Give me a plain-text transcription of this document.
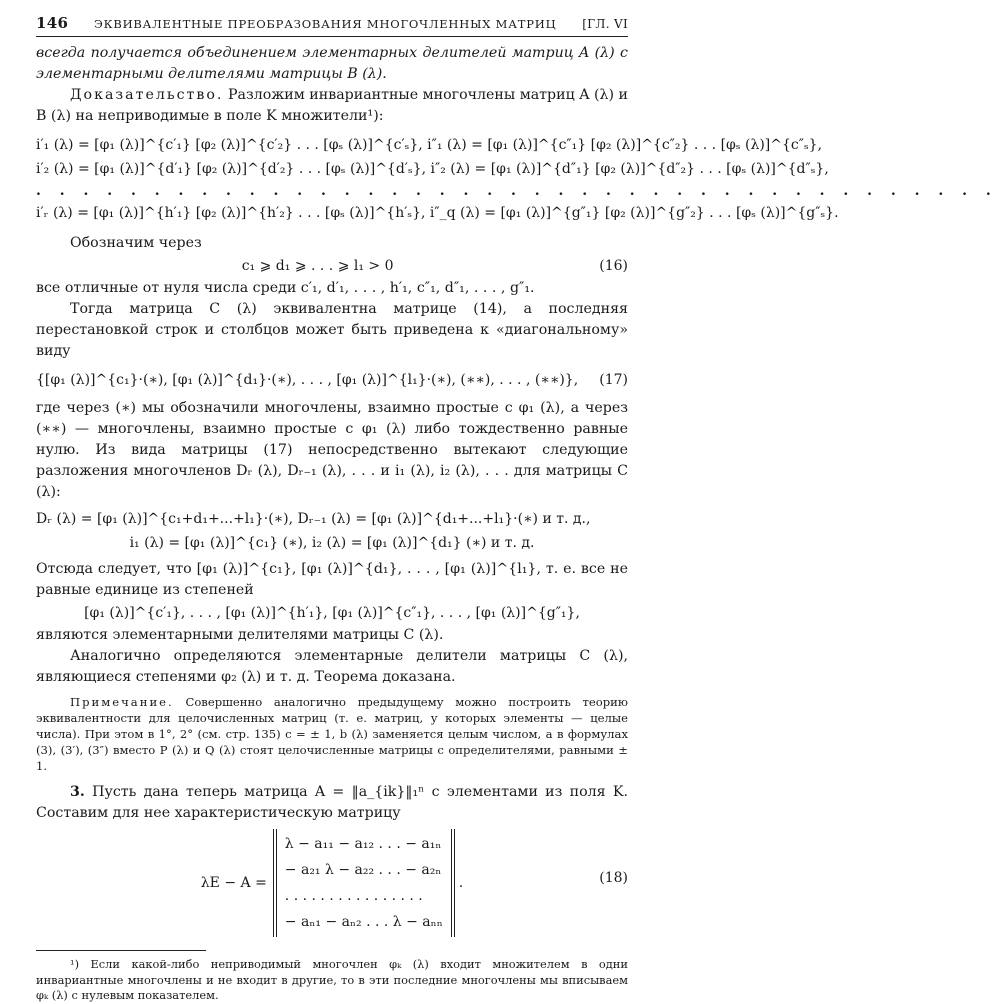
146 ЭКВИВАЛЕНТНЫЕ ПРЕОБРАЗОВАНИЯ МНОГОЧЛЕННЫХ МАТРИЦ [ГЛ. VI

всегда получается объединением элементарных делителей матриц A (λ) с элементарными делителями матрицы B (λ).

Доказательство. Разложим инвариантные многочлены матриц A (λ) и B (λ) на неприводимые в поле K множители¹):

i′₁ (λ) = [φ₁ (λ)]^{c′₁} [φ₂ (λ)]^{c′₂} . . . [φₛ (λ)]^{c′ₛ}, i″₁ (λ) = [φ₁ (λ)]^{c″₁} [φ₂ (λ)]^{c″₂} . . . [φₛ (λ)]^{c″ₛ},

i′₂ (λ) = [φ₁ (λ)]^{d′₁} [φ₂ (λ)]^{d′₂} . . . [φₛ (λ)]^{d′ₛ}, i″₂ (λ) = [φ₁ (λ)]^{d″₁} [φ₂ (λ)]^{d″₂} . . . [φₛ (λ)]^{d″ₛ},

. . . . . . . . . . . . . . . . . . . . . . . . . . . . . . . . . . . . . . . . .

i′ᵣ (λ) = [φ₁ (λ)]^{h′₁} [φ₂ (λ)]^{h′₂} . . . [φₛ (λ)]^{h′ₛ}, i″_q (λ) = [φ₁ (λ)]^{g″₁} [φ₂ (λ)]^{g″₂} . . . [φₛ (λ)]^{g″ₛ}.

Обозначим через

(16)
c₁ ⩾ d₁ ⩾ . . . ⩾ l₁ > 0

все отличные от нуля числа среди c′₁, d′₁, . . . , h′₁, c″₁, d″₁, . . . , g″₁.

Тогда матрица C (λ) эквивалентна матрице (14), а последняя перестановкой строк и столбцов может быть приведена к «диагональному» виду

(17)
{[φ₁ (λ)]^{c₁}·(∗), [φ₁ (λ)]^{d₁}·(∗), . . . , [φ₁ (λ)]^{l₁}·(∗), (∗∗), . . . , (∗∗)},

где через (∗) мы обозначили многочлены, взаимно простые с φ₁ (λ), а через (∗∗) — многочлены, взаимно простые с φ₁ (λ) либо тождественно равные нулю. Из вида матрицы (17) непосредственно вытекают следующие разложения многочленов Dᵣ (λ), Dᵣ₋₁ (λ), . . . и i₁ (λ), i₂ (λ), . . . для матрицы C (λ):

Dᵣ (λ) = [φ₁ (λ)]^{c₁+d₁+...+l₁}·(∗), Dᵣ₋₁ (λ) = [φ₁ (λ)]^{d₁+...+l₁}·(∗) и т. д.,

i₁ (λ) = [φ₁ (λ)]^{c₁} (∗), i₂ (λ) = [φ₁ (λ)]^{d₁} (∗) и т. д.

Отсюда следует, что [φ₁ (λ)]^{c₁}, [φ₁ (λ)]^{d₁}, . . . , [φ₁ (λ)]^{l₁}, т. е. все не равные единице из степеней

[φ₁ (λ)]^{c′₁}, . . . , [φ₁ (λ)]^{h′₁}, [φ₁ (λ)]^{c″₁}, . . . , [φ₁ (λ)]^{g″₁},

являются элементарными делителями матрицы C (λ).

Аналогично определяются элементарные делители матрицы C (λ), являющиеся степенями φ₂ (λ) и т. д. Теорема доказана.

Примечание. Совершенно аналогично предыдущему можно построить теорию эквивалентности для целочисленных матриц (т. е. матриц, у которых элементы — целые числа). При этом в 1°, 2° (см. стр. 135) c = ± 1, b (λ) заменяется целым числом, а в формулах (3), (3′), (3″) вместо P (λ) и Q (λ) стоят целочисленные матрицы с определителями, равными ± 1.

3. Пусть дана теперь матрица A = ‖a_{ik}‖₁ⁿ с элементами из поля K. Составим для нее характеристическую матрицу

λE − A =
λ − a₁₁ − a₁₂ . . . − a₁ₙ
− a₂₁ λ − a₂₂ . . . − a₂ₙ
. . . . . . . . . . . . . . . .
− aₙ₁ − aₙ₂ . . . λ − aₙₙ
.	(18)

¹) Если какой-либо неприводимый многочлен φₖ (λ) входит множителем в одни инвариантные многочлены и не входит в другие, то в эти последние многочлены мы вписываем φₖ (λ) с нулевым показателем.
